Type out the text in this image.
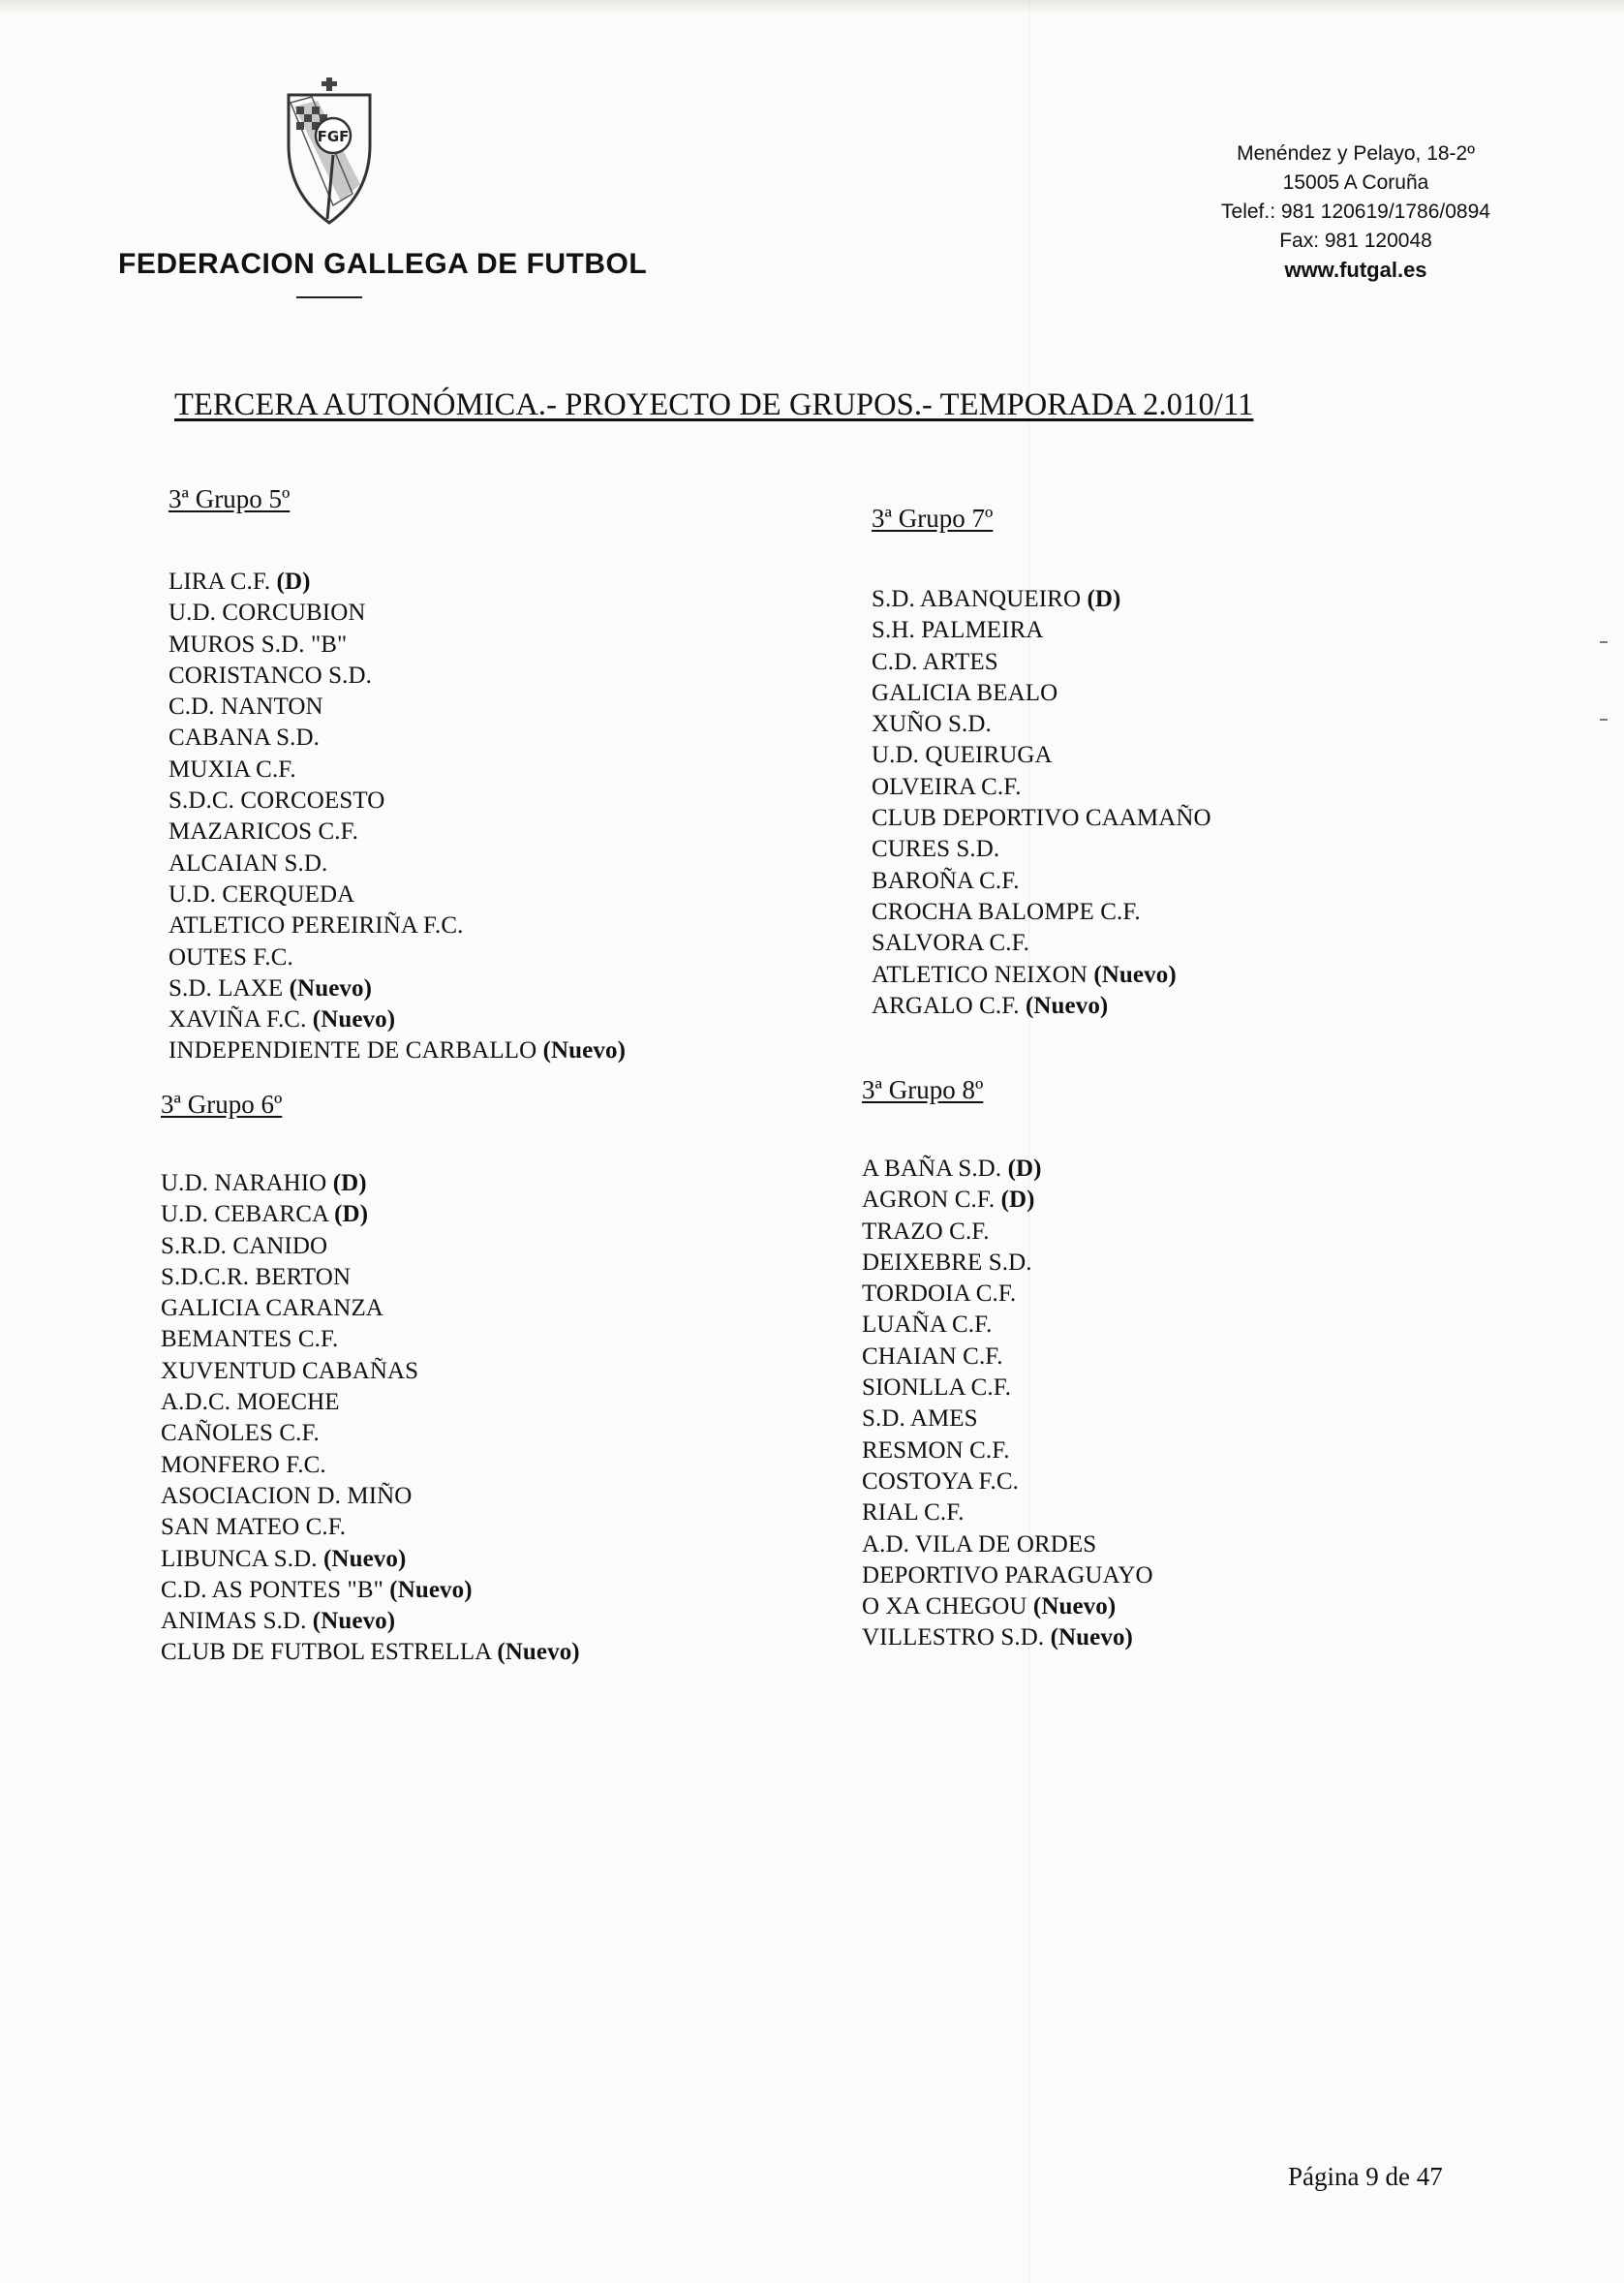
FGF
FEDERACION GALLEGA DE FUTBOL
Menéndez y Pelayo, 18-2º
15005 A Coruña
Telef.: 981 120619/1786/0894
Fax: 981 120048
www.futgal.es
TERCERA AUTONÓMICA.- PROYECTO DE GRUPOS.- TEMPORADA 2.010/11
3ª Grupo 5º
LIRA C.F. (D)
U.D. CORCUBION
MUROS S.D. "B"
CORISTANCO S.D.
C.D. NANTON
CABANA S.D.
MUXIA C.F.
S.D.C. CORCOESTO
MAZARICOS C.F.
ALCAIAN S.D.
U.D. CERQUEDA
ATLETICO PEREIRIÑA F.C.
OUTES F.C.
S.D. LAXE (Nuevo)
XAVIÑA F.C. (Nuevo)
INDEPENDIENTE DE CARBALLO (Nuevo)
3ª Grupo 6º
U.D. NARAHIO (D)
U.D. CEBARCA (D)
S.R.D. CANIDO
S.D.C.R. BERTON
GALICIA CARANZA
BEMANTES C.F.
XUVENTUD CABAÑAS
A.D.C. MOECHE
CAÑOLES C.F.
MONFERO F.C.
ASOCIACION D. MIÑO
SAN MATEO C.F.
LIBUNCA S.D. (Nuevo)
C.D. AS PONTES "B" (Nuevo)
ANIMAS S.D. (Nuevo)
CLUB DE FUTBOL ESTRELLA (Nuevo)
3ª Grupo 7º
S.D. ABANQUEIRO (D)
S.H. PALMEIRA
C.D. ARTES
GALICIA BEALO
XUÑO S.D.
U.D. QUEIRUGA
OLVEIRA C.F.
CLUB DEPORTIVO CAAMAÑO
CURES S.D.
BAROÑA C.F.
CROCHA BALOMPE C.F.
SALVORA C.F.
ATLETICO NEIXON (Nuevo)
ARGALO C.F. (Nuevo)
3ª Grupo 8º
A BAÑA S.D. (D)
AGRON C.F. (D)
TRAZO C.F.
DEIXEBRE S.D.
TORDOIA C.F.
LUAÑA C.F.
CHAIAN C.F.
SIONLLA C.F.
S.D. AMES
RESMON C.F.
COSTOYA F.C.
RIAL C.F.
A.D. VILA DE ORDES
DEPORTIVO PARAGUAYO
O XA CHEGOU (Nuevo)
VILLESTRO S.D. (Nuevo)
Página 9 de 47
